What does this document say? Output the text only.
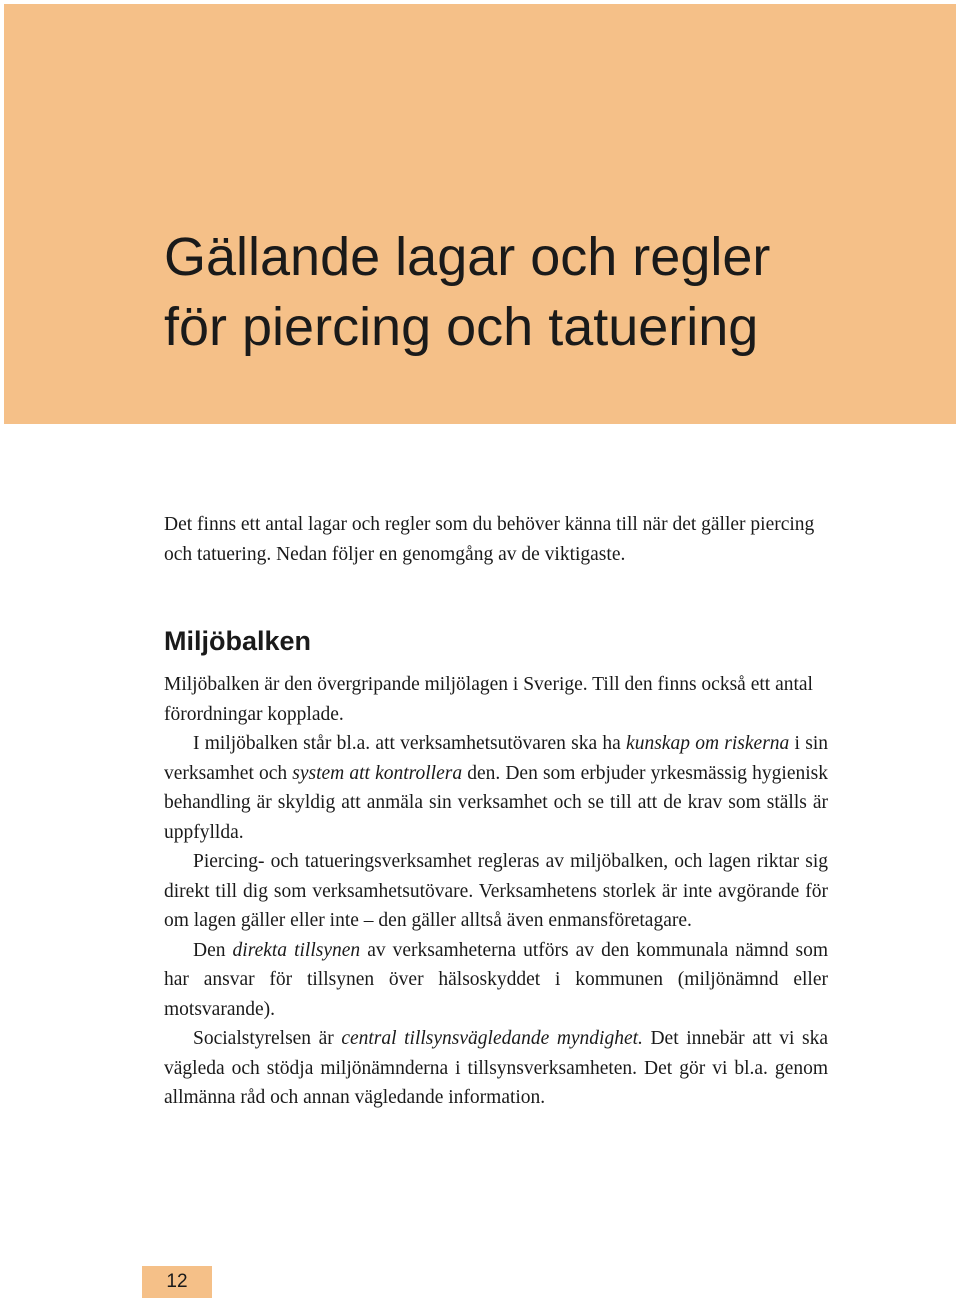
Gällande lagar och regler
för piercing och tatuering

Det finns ett antal lagar och regler som du behöver känna till när det gäller piercing och tatuering. Nedan följer en genomgång av de viktigaste.

Miljöbalken

Miljöbalken är den övergripande miljölagen i Sverige. Till den finns också ett antal förordningar kopplade.

I miljöbalken står bl.a. att verksamhetsutövaren ska ha kunskap om riskerna i sin verksamhet och system att kontrollera den. Den som erbjuder yrkesmässig hygienisk behandling är skyldig att anmäla sin verksamhet och se till att de krav som ställs är uppfyllda.

Piercing- och tatueringsverksamhet regleras av miljöbalken, och lagen riktar sig direkt till dig som verksamhetsutövare. Verksamhetens storlek är inte avgörande för om lagen gäller eller inte – den gäller alltså även enmansföretagare.

Den direkta tillsynen av verksamheterna utförs av den kommunala nämnd som har ansvar för tillsynen över hälsoskyddet i kommunen (miljönämnd eller motsvarande).

Socialstyrelsen är central tillsynsvägledande myndighet. Det innebär att vi ska vägleda och stödja miljönämnderna i tillsynsverksamheten. Det gör vi bl.a. genom allmänna råd och annan vägledande information.

12
